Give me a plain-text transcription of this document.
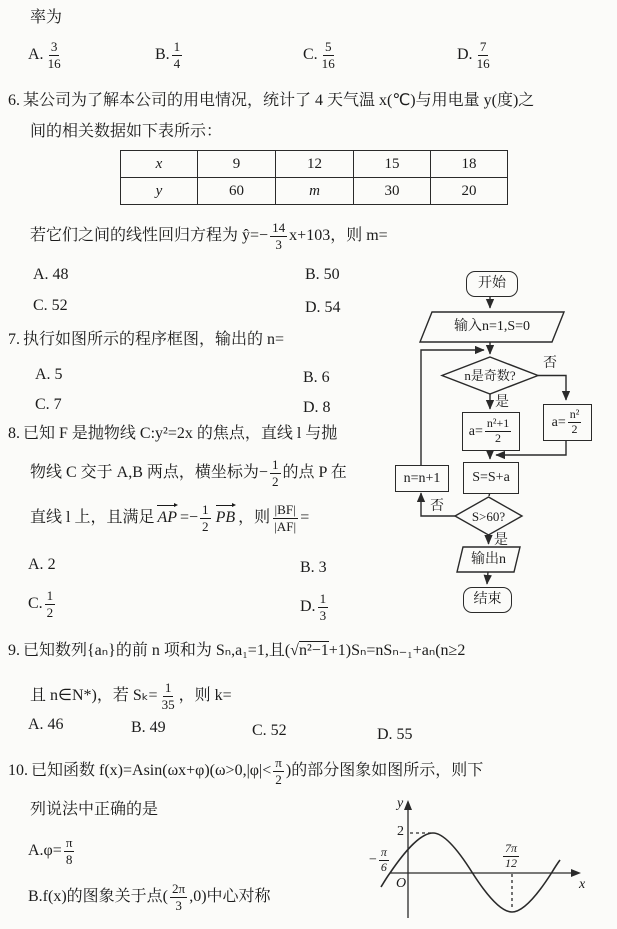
率为
A. $\frac{3}{16}$	B. $\frac{1}{4}$	C. $\frac{5}{16}$	D. $\frac{7}{16}$
6. 某公司为了解本公司的用电情况，统计了 4 天气温 x(℃)与用电量 y(度)之
间的相关数据如下表所示：
x	9	12	15	18
y	60	m	30	20
若它们之间的线性回归方程为 ŷ=− $\frac{14}{3} x+103$，则 m=
A. 48	B. 50
C. 52	D. 54
7. 执行如图所示的程序框图，输出的 n=
A. 5	B. 6
C. 7	D. 8
8. 已知 F 是抛物线 C:y²=2x 的焦点，直线 l 与抛
物线 C 交于 A,B 两点，横坐标为− $\frac{1}{2}$ 的点 P 在
直线 l 上，且满足 AP =− $\frac{1}{2}$ PB ，则 $\frac{|BF|}{|AF|}$ =
A. 2	B. 3
C. $\frac{1}{2}$	D. $\frac{1}{3}$
9. 已知数列{aₙ}的前 n 项和为 Sₙ,a₁=1,且(√n²−1+1)Sₙ=nSₙ₋₁+aₙ(n≥2
且 n∈N*)，若 $S_k= \frac{1}{35}$ ，则 k=
A. 46	B. 49	C. 52	D. 55
10. 已知函数 $f(x)=Asin(\omega x+\varphi)(\omega>0,|\varphi|< \frac{\pi}{2}$ )的部分图象如图所示，则下
列说法中正确的是
$A.\varphi= \frac{\pi}{8}$
B.f(x)的图象关于点( $\frac{2\pi}{3} ,0$)中心对称
开始
输入n=1,S=0
n是奇数?
否
是
$a= \frac{\text{n²+1}}{2}$	$a= \frac{\text{n²}}{2}$
S=S+a
n=n+1
S>60?
否
是
输出n
结束
y
x
O
2
− $\frac{\pi}{6}$	$\frac{7\pi}{12}$
